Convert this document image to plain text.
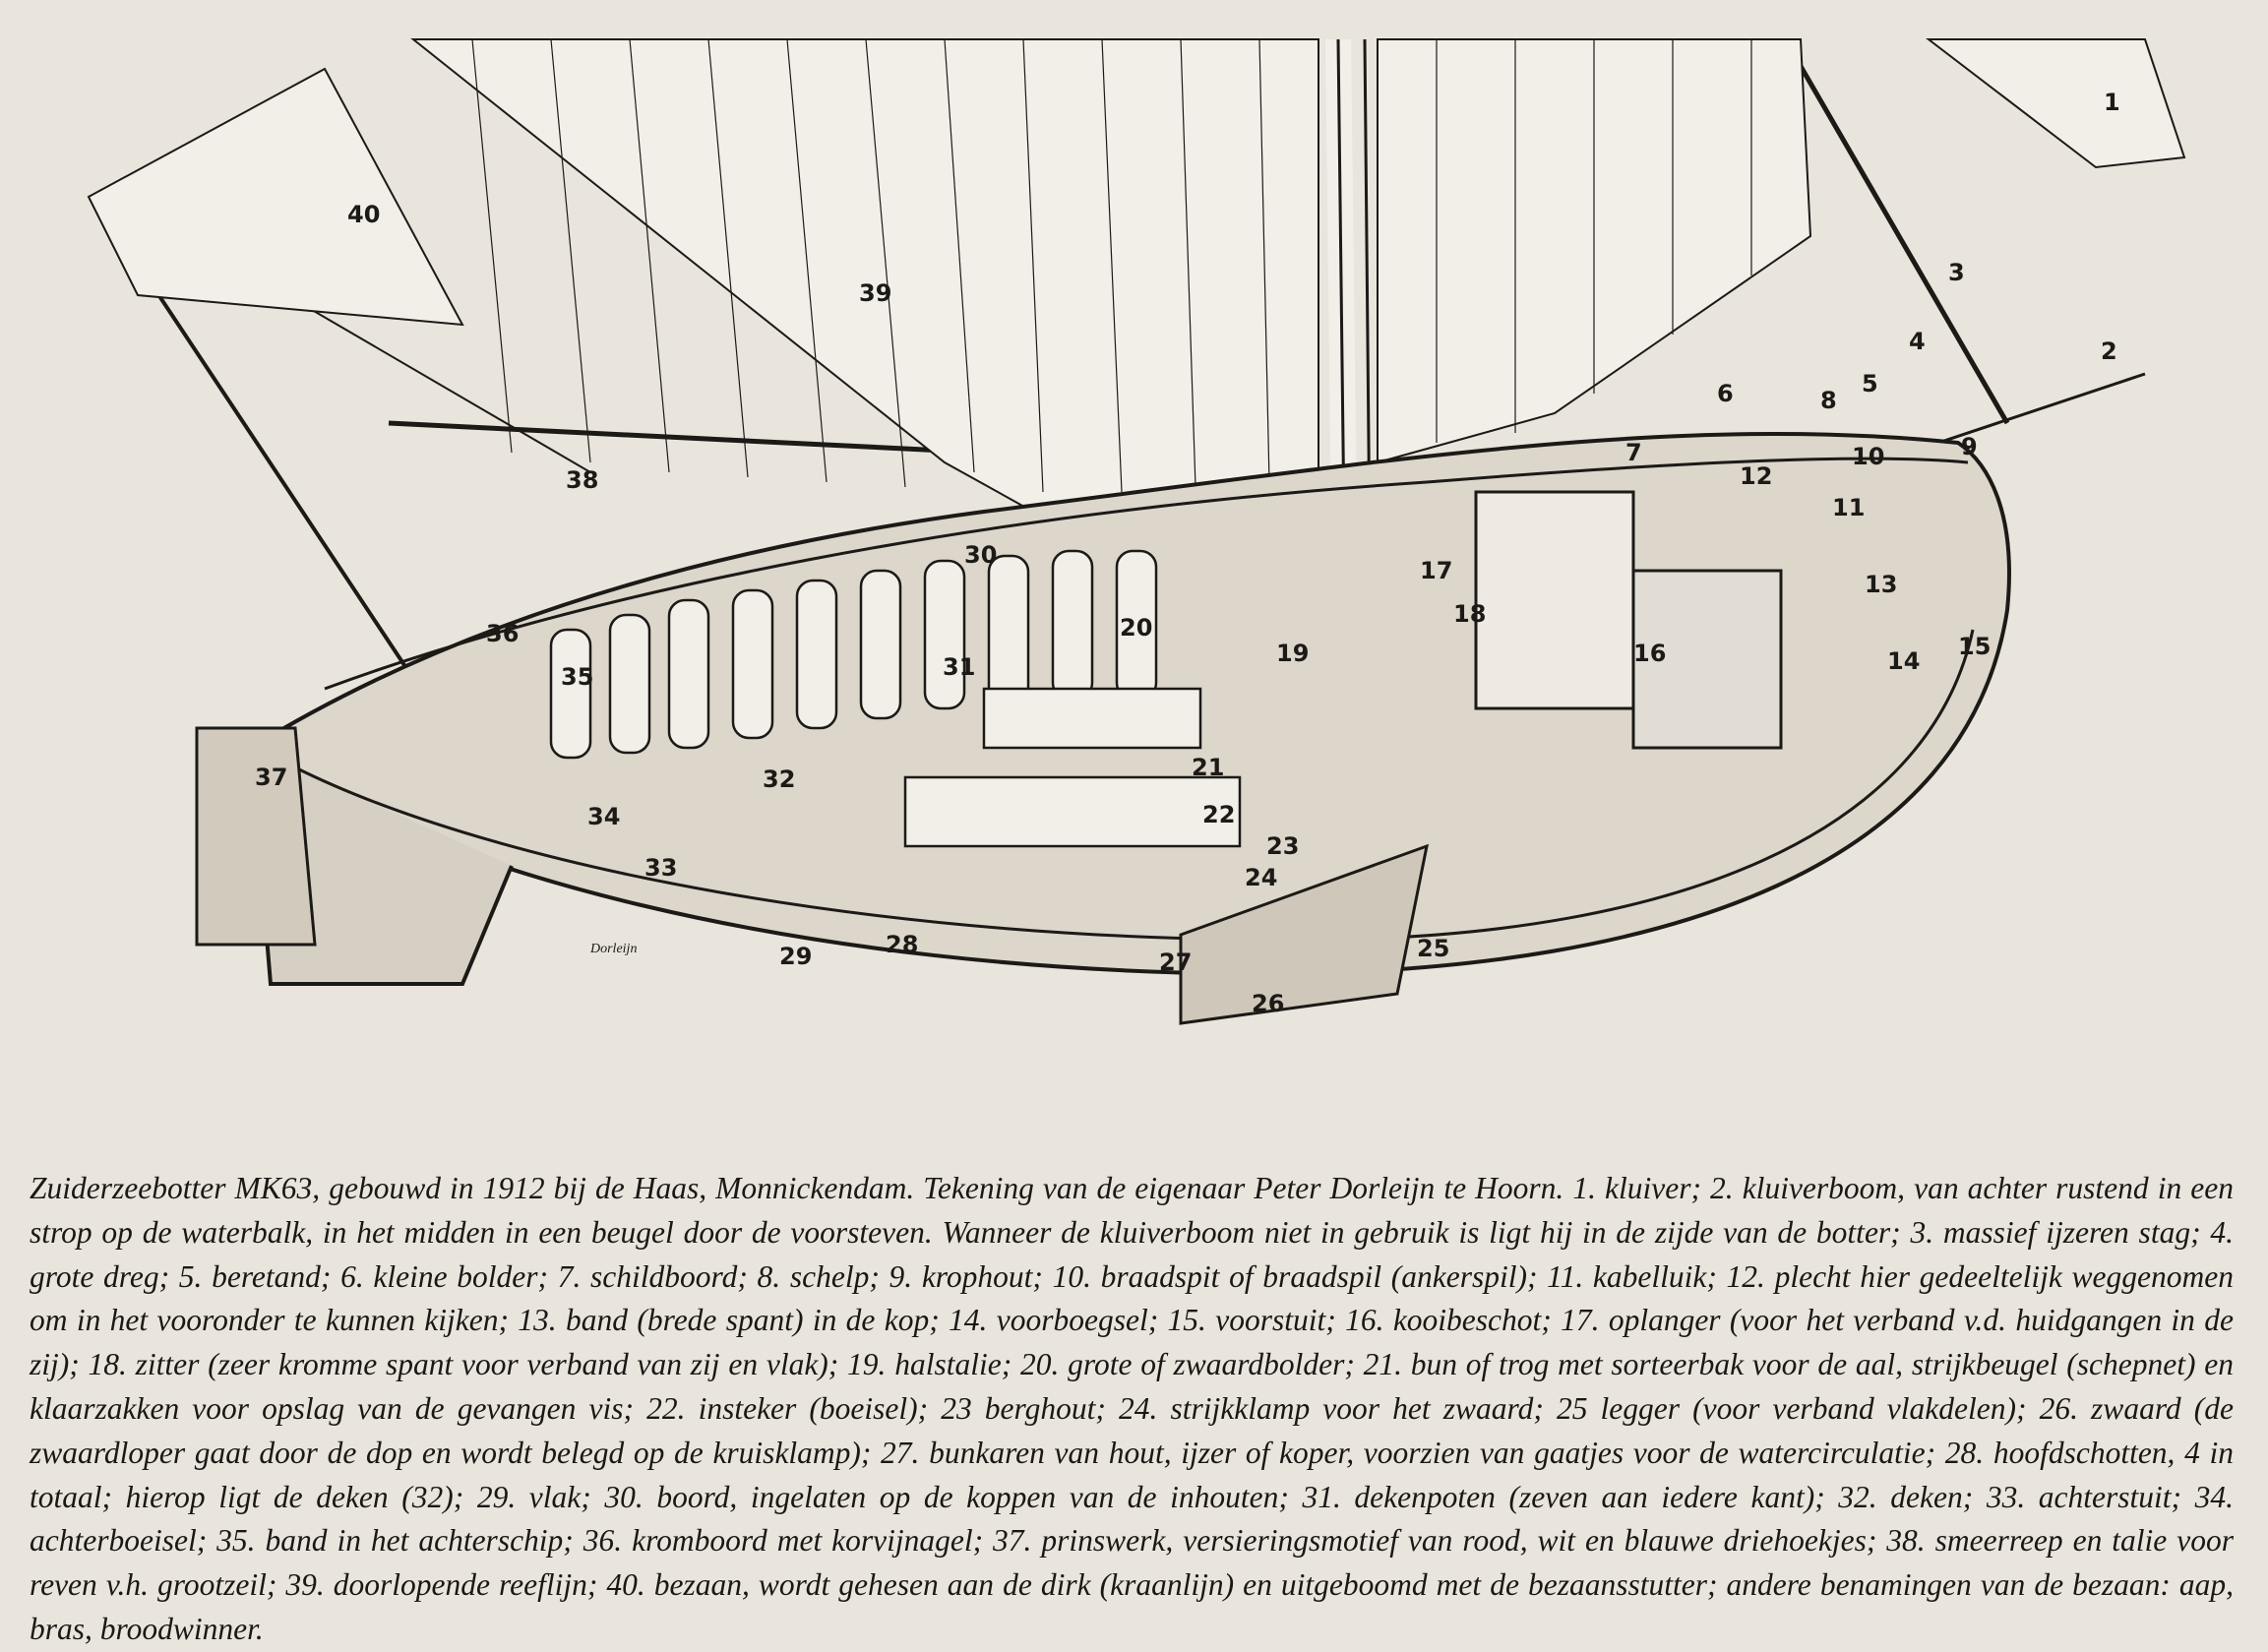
1
2
3
4
5
6
7
8
9
10
11
12
13
14
15
16
17
18
19
20
21
22
23
24
25
26
27
28
29
30
31
32
33
34
35
36
37
38
39
40
Dorleijn
Zuiderzeebotter MK63, gebouwd in 1912 bij de Haas, Monnickendam. Tekening van de eigenaar Peter Dorleijn te Hoorn. 1. kluiver; 2. kluiverboom, van achter rustend in een strop op de waterbalk, in het midden in een beugel door de voorsteven. Wanneer de kluiverboom niet in gebruik is ligt hij in de zijde van de botter; 3. massief ijzeren stag; 4. grote dreg; 5. beretand; 6. kleine bolder; 7. schildboord; 8. schelp; 9. krophout; 10. braadspit of braadspil (ankerspil); 11. kabelluik; 12. plecht hier gedeeltelijk weggenomen om in het vooronder te kunnen kijken; 13. band (brede spant) in de kop; 14. voorboegsel; 15. voorstuit; 16. kooibeschot; 17. oplanger (voor het verband v.d. huidgangen in de zij); 18. zitter (zeer kromme spant voor verband van zij en vlak); 19. halstalie; 20. grote of zwaardbolder; 21. bun of trog met sorteerbak voor de aal, strijkbeugel (schepnet) en klaarzakken voor opslag van de gevangen vis; 22. insteker (boeisel); 23 berghout; 24. strijkklamp voor het zwaard; 25 legger (voor verband vlakdelen); 26. zwaard (de zwaardloper gaat door de dop en wordt belegd op de kruisklamp); 27. bunkaren van hout, ijzer of koper, voorzien van gaatjes voor de watercirculatie; 28. hoofdschotten, 4 in totaal; hierop ligt de deken (32); 29. vlak; 30. boord, ingelaten op de koppen van de inhouten; 31. dekenpoten (zeven aan iedere kant); 32. deken; 33. achterstuit; 34. achterboeisel; 35. band in het achterschip; 36. kromboord met korvijnagel; 37. prinswerk, versieringsmotief van rood, wit en blauwe driehoekjes; 38. smeerreep en talie voor reven v.h. grootzeil; 39. doorlopende reeflijn; 40. bezaan, wordt gehesen aan de dirk (kraanlijn) en uitgeboomd met de bezaansstutter; andere benamingen van de bezaan: aap, bras, broodwinner.
